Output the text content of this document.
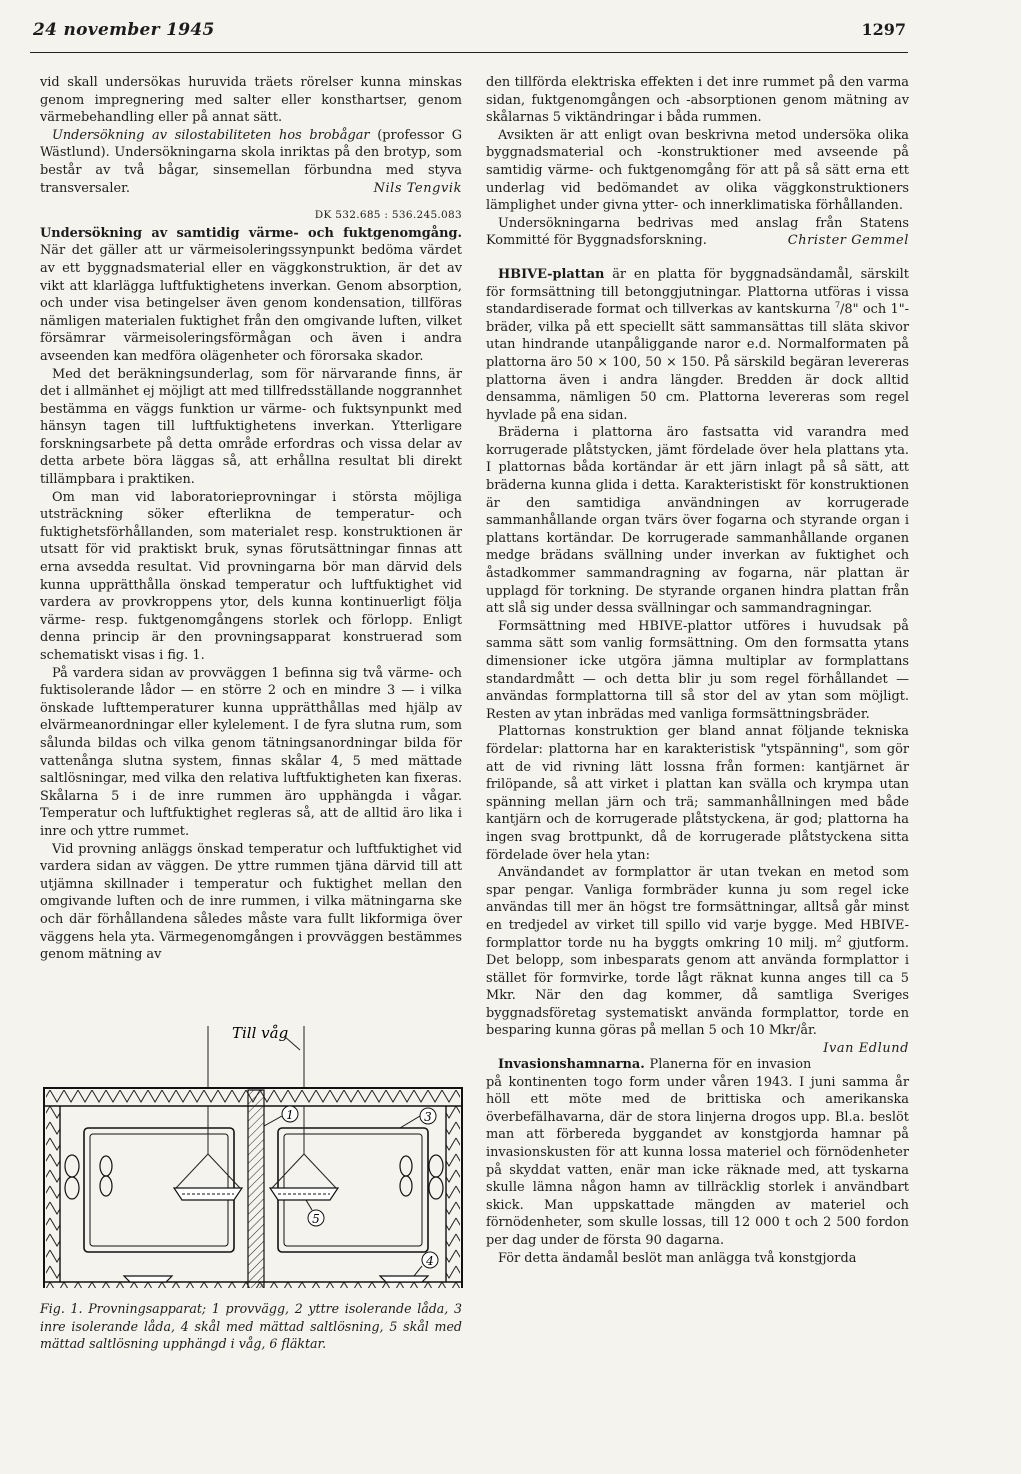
24 november 1945	1297

vid skall undersökas huruvida träets rörelser kunna minskas genom impregnering med salter eller konsthartser, genom värmebehandling eller på annat sätt.

Undersökning av silostabiliteten hos brobågar (professor G Wästlund). Undersökningarna skola inriktas på den brotyp, som består av två bågar, sinsemellan förbundna med styva transversaler.	Nils Tengvik

DK 532.685 : 536.245.083

Undersökning av samtidig värme- och fuktgenomgång. När det gäller att ur värmeisoleringssynpunkt bedöma värdet av ett byggnadsmaterial eller en väggkonstruktion, är det av vikt att klarlägga luftfuktighetens inverkan. Genom absorption, och under visa betingelser även genom kondensation, tillföras nämligen materialen fuktighet från den omgivande luften, vilket försämrar värmeisoleringsförmågan och även i andra avseenden kan medföra olägenheter och förorsaka skador.

Med det beräkningsunderlag, som för närvarande finns, är det i allmänhet ej möjligt att med tillfredsställande noggrannhet bestämma en väggs funktion ur värme- och fuktsynpunkt med hänsyn tagen till luftfuktighetens inverkan. Ytterligare forskningsarbete på detta område erfordras och vissa delar av detta arbete böra läggas så, att erhållna resultat bli direkt tillämpbara i praktiken.

Om man vid laboratorieprovningar i största möjliga utsträckning söker efterlikna de temperatur- och fuktighetsförhållanden, som materialet resp. konstruktionen är utsatt för vid praktiskt bruk, synas förutsättningar finnas att erna avsedda resultat. Vid provningarna bör man därvid dels kunna upprätthålla önskad temperatur och luftfuktighet vid vardera av provkroppens ytor, dels kunna kontinuerligt följa värme- resp. fuktgenomgångens storlek och förlopp. Enligt denna princip är den provningsapparat konstruerad som schematiskt visas i fig. 1.

På vardera sidan av provväggen 1 befinna sig två värme- och fuktisolerande lådor — en större 2 och en mindre 3 — i vilka önskade lufttemperaturer kunna upprätthållas med hjälp av elvärmeanordningar eller kylelement. I de fyra slutna rum, som sålunda bildas och vilka genom tätningsanordningar bilda för vattenånga slutna system, finnas skålar 4, 5 med mättade saltlösningar, med vilka den relativa luftfuktigheten kan fixeras. Skålarna 5 i de inre rummen äro upphängda i vågar. Temperatur och luftfuktighet regleras så, att de alltid äro lika i inre och yttre rummet.

Vid provning anläggs önskad temperatur och luftfuktighet vid vardera sidan av väggen. De yttre rummen tjäna därvid till att utjämna skillnader i temperatur och fuktighet mellan den omgivande luften och de inre rummen, i vilka mätningarna ske och där förhållandena således måste vara fullt likformiga över väggens hela yta. Värmegenomgången i provväggen bestämmes genom mätning av

Till våg
1	3
5
4
Fig. 1. Provningsapparat; 1 provvägg, 2 yttre isolerande låda, 3 inre isolerande låda, 4 skål med mättad saltlösning, 5 skål med mättad saltlösning upphängd i våg, 6 fläktar.

den tillförda elektriska effekten i det inre rummet på den varma sidan, fuktgenomgången och -absorptionen genom mätning av skålarnas 5 viktändringar i båda rummen.

Avsikten är att enligt ovan beskrivna metod undersöka olika byggnadsmaterial och -konstruktioner med avseende på samtidig värme- och fuktgenomgång för att på så sätt erna ett underlag vid bedömandet av olika väggkonstruktioners lämplighet under givna ytter- och innerklimatiska förhållanden.

Undersökningarna bedrivas med anslag från Statens Kommitté för Byggnadsforskning.	Christer Gemmel

HBIVE-plattan är en platta för byggnadsändamål, särskilt för formsättning till betonggjutningar. Plattorna utföras i vissa standardiserade format och tillverkas av kantskurna $^7$/8" och 1"-bräder, vilka på ett speciellt sätt sammansättas till släta skivor utan hindrande utanpåliggande naror e.d. Normalformaten på plattorna äro 50 × 100, 50 × 150. På särskild begäran levereras plattorna även i andra längder. Bredden är dock alltid densamma, nämligen 50 cm. Plattorna levereras som regel hyvlade på ena sidan.

Bräderna i plattorna äro fastsatta vid varandra med korrugerade plåtstycken, jämt fördelade över hela plattans yta. I plattornas båda kortändar är ett järn inlagt på så sätt, att bräderna kunna glida i detta. Karakteristiskt för konstruktionen är den samtidiga användningen av korrugerade sammanhållande organ tvärs över fogarna och styrande organ i plattans kortändar. De korrugerade sammanhållande organen medge brädans svällning under inverkan av fuktighet och åstadkommer sammandragning av fogarna, när plattan är upplagd för torkning. De styrande organen hindra plattan från att slå sig under dessa svällningar och sammandragningar.

Formsättning med HBIVE-plattor utföres i huvudsak på samma sätt som vanlig formsättning. Om den formsatta ytans dimensioner icke utgöra jämna multiplar av formplattans standardmått — och detta blir ju som regel förhållandet — användas formplattorna till så stor del av ytan som möjligt. Resten av ytan inbrädas med vanliga formsättningsbräder.

Plattornas konstruktion ger bland annat följande tekniska fördelar: plattorna har en karakteristisk "ytspänning", som gör att de vid rivning lätt lossna från formen: kantjärnet är frilöpande, så att virket i plattan kan svälla och krympa utan spänning mellan järn och trä; sammanhållningen med både kantjärn och de korrugerade plåtstyckena, är god; plattorna ha ingen svag brottpunkt, då de korrugerade plåtstyckena sitta fördelade över hela ytan:

Användandet av formplattor är utan tvekan en metod som spar pengar. Vanliga formbräder kunna ju som regel icke användas till mer än högst tre formsättningar, alltså går minst en tredjedel av virket till spillo vid varje bygge. Med HBIVE-formplattor torde nu ha byggts omkring 10 milj. $m^2$ gjutform. Det belopp, som inbesparats genom att använda formplattor i stället för formvirke, torde lågt räknat kunna anges till ca 5 Mkr. När den dag kommer, då samtliga Sveriges byggnadsföretag systematiskt använda formplattor, torde en besparing kunna göras på mellan 5 och 10 Mkr/år.
Ivan Edlund

Invasionshamnarna. Planerna för en invasion på kontinenten togo form under våren 1943. I juni samma år höll ett möte med de brittiska och amerikanska överbefälhavarna, där de stora linjerna drogos upp. Bl.a. beslöt man att förbereda byggandet av konstgjorda hamnar på invasionskusten för att kunna lossa materiel och förnödenheter på skyddat vatten, enär man icke räknade med, att tyskarna skulle lämna någon hamn av tillräcklig storlek i användbart skick. Man uppskattade mängden av materiel och förnödenheter, som skulle lossas, till 12 000 t och 2 500 fordon per dag under de första 90 dagarna.

För detta ändamål beslöt man anlägga två konstgjorda
